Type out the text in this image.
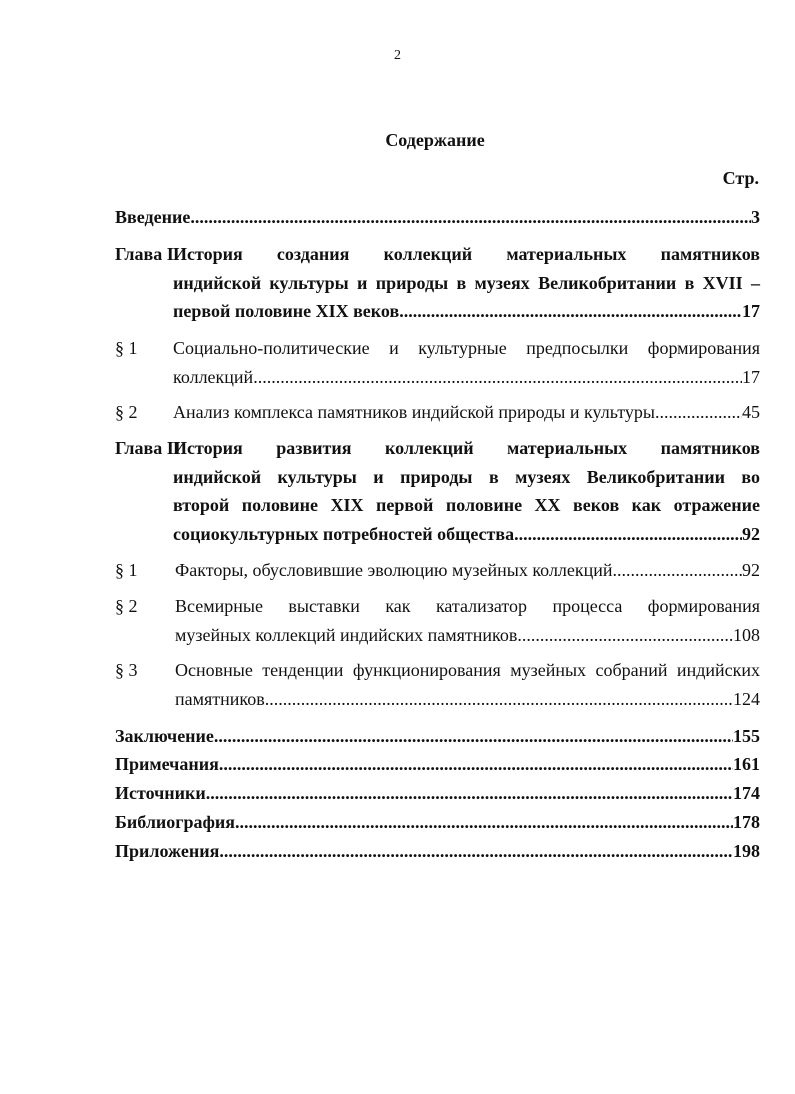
2
Содержание
Стр.
Введение .....	3
Глава I История создания коллекций материальных памятников
индийской культуры и природы в музеях Великобритании в XVII –
первой половине XIX веков .....	17
§ 1 Социально-политические и культурные предпосылки формирования
коллекций .....	17
§ 2 Анализ комплекса памятников индийской природы и культуры .....	45
Глава II
История развития коллекций материальных памятников
индийской культуры и природы в музеях Великобритании во
второй половине XIX первой половине XX веков как отражение
социокультурных потребностей общества .....	92
§ 1 Факторы, обусловившие эволюцию музейных коллекций .....	92
§ 2 Всемирные выставки как катализатор процесса формирования
музейных коллекций индийских памятников .....	108
§ 3 Основные тенденции функционирования музейных собраний индийских
памятников .....	124
Заключение .....	155
Примечания .....	161
Источники .....	174
Библиография .....	178
Приложения .....	198
